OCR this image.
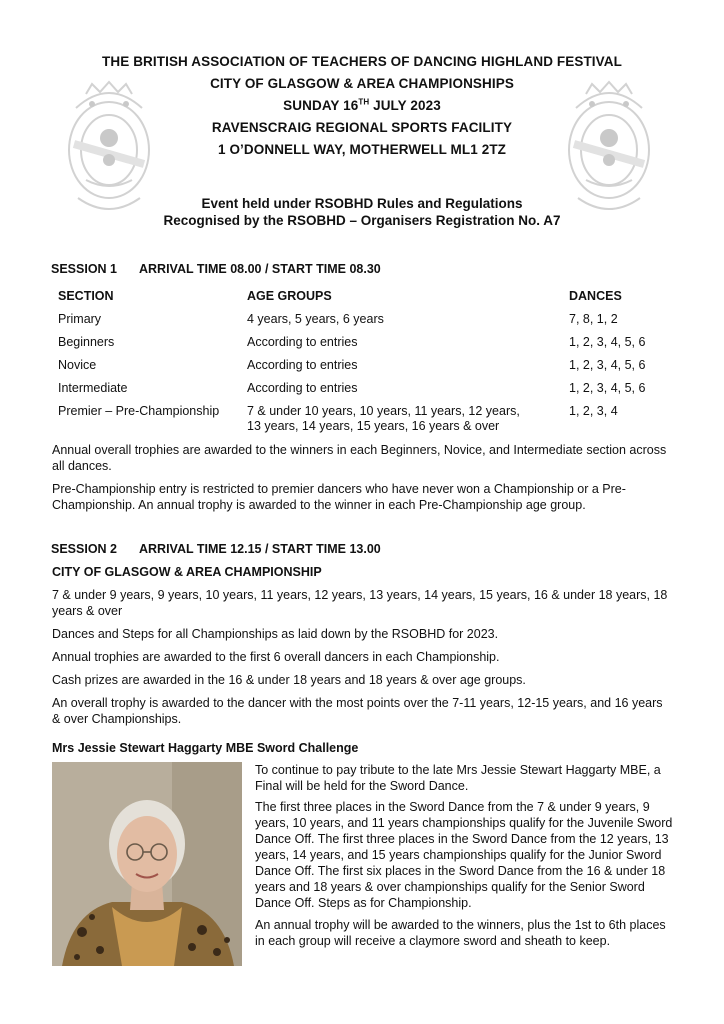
THE BRITISH ASSOCIATION OF TEACHERS OF DANCING HIGHLAND FESTIVAL
CITY OF GLASGOW & AREA CHAMPIONSHIPS
SUNDAY 16TH JULY 2023
RAVENSCRAIG REGIONAL SPORTS FACILITY
1 O’DONNELL WAY, MOTHERWELL ML1 2TZ
Event held under RSOBHD Rules and Regulations
Recognised by the RSOBHD – Organisers Registration No. A7
SESSION 1 ARRIVAL TIME 08.00 / START TIME 08.30
SECTION	AGE GROUPS	DANCES
Primary	4 years, 5 years, 6 years	7, 8, 1, 2
Beginners	According to entries	1, 2, 3, 4, 5, 6
Novice	According to entries	1, 2, 3, 4, 5, 6
Intermediate	According to entries	1, 2, 3, 4, 5, 6
Premier – Pre-Championship	7 & under 10 years, 10 years, 11 years, 12 years,
13 years, 14 years, 15 years, 16 years & over	1, 2, 3, 4
Annual overall trophies are awarded to the winners in each Beginners, Novice, and Intermediate section across all dances.
Pre-Championship entry is restricted to premier dancers who have never won a Championship or a Pre-Championship. An annual trophy is awarded to the winner in each Pre-Championship age group.
SESSION 2 ARRIVAL TIME 12.15 / START TIME 13.00
CITY OF GLASGOW & AREA CHAMPIONSHIP
7 & under 9 years, 9 years, 10 years, 11 years, 12 years, 13 years, 14 years, 15 years, 16 & under 18 years, 18 years & over
Dances and Steps for all Championships as laid down by the RSOBHD for 2023.
Annual trophies are awarded to the first 6 overall dancers in each Championship.
Cash prizes are awarded in the 16 & under 18 years and 18 years & over age groups.
An overall trophy is awarded to the dancer with the most points over the 7-11 years, 12-15 years, and 16 years & over Championships.
Mrs Jessie Stewart Haggarty MBE Sword Challenge
To continue to pay tribute to the late Mrs Jessie Stewart Haggarty MBE, a Final will be held for the Sword Dance.
The first three places in the Sword Dance from the 7 & under 9 years, 9 years, 10 years, and 11 years championships qualify for the Juvenile Sword Dance Off. The first three places in the Sword Dance from the 12 years, 13 years, 14 years, and 15 years championships qualify for the Junior Sword Dance Off. The first six places in the Sword Dance from the 16 & under 18 years and 18 years & over championships qualify for the Senior Sword Dance Off. Steps as for Championship.
An annual trophy will be awarded to the winners, plus the 1st to 6th places in each group will receive a claymore sword and sheath to keep.
